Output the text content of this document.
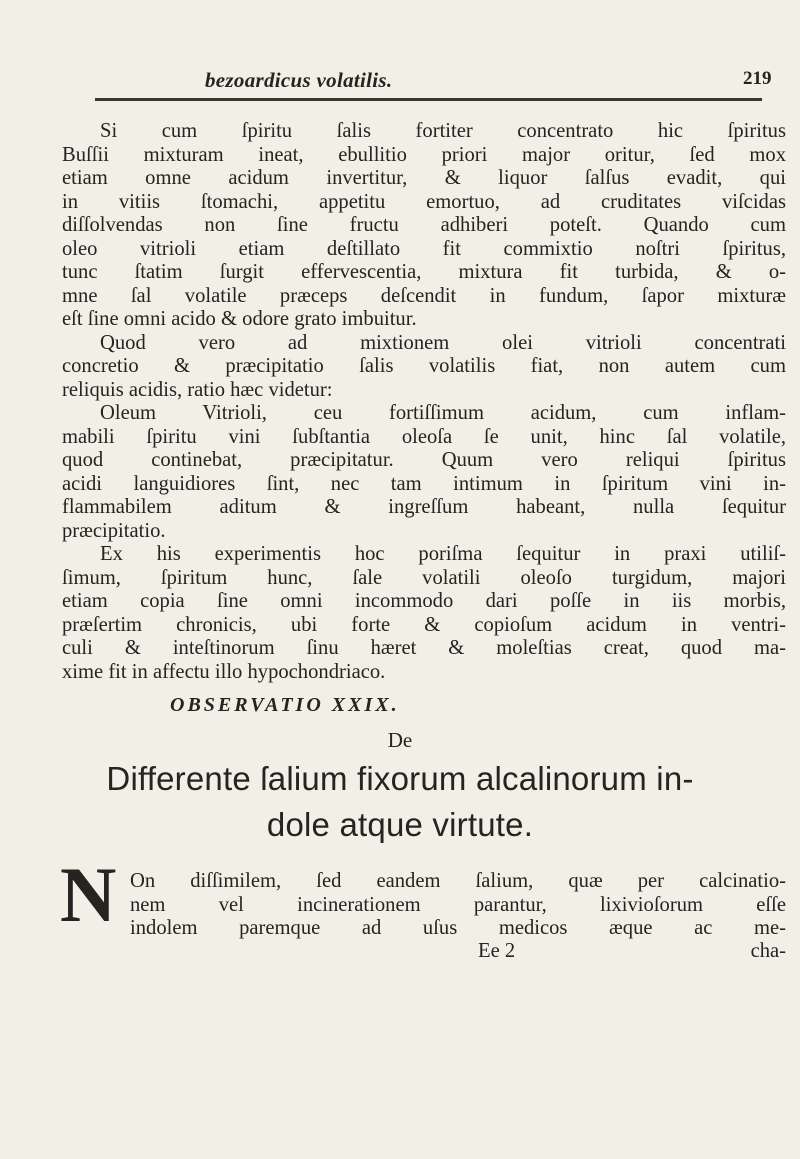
bezoardicus volatilis.	219
Si cum ſpiritu ſalis fortiter concentrato hic ſpiritus
Buſſii mixturam ineat, ebullitio priori major oritur, ſed mox
etiam omne acidum invertitur, & liquor ſalſus evadit, qui
in vitiis ſtomachi, appetitu emortuo, ad cruditates viſcidas
diſſolvendas non ſine fructu adhiberi poteſt. Quando cum
oleo vitrioli etiam deſtillato fit commixtio noſtri ſpiritus,
tunc ſtatim ſurgit effervescentia, mixtura fit turbida, & o-
mne ſal volatile præceps deſcendit in fundum, ſapor mixturæ
eſt ſine omni acido & odore grato imbuitur.
Quod vero ad mixtionem olei vitrioli concentrati
concretio & præcipitatio ſalis volatilis fiat, non autem cum
reliquis acidis, ratio hæc videtur:
Oleum Vitrioli, ceu fortiſſimum acidum, cum inflam-
mabili ſpiritu vini ſubſtantia oleoſa ſe unit, hinc ſal volatile,
quod continebat, præcipitatur. Quum vero reliqui ſpiritus
acidi languidiores ſint, nec tam intimum in ſpiritum vini in-
flammabilem aditum & ingreſſum habeant, nulla ſequitur
præcipitatio.
Ex his experimentis hoc poriſma ſequitur in praxi utiliſ-
ſimum, ſpiritum hunc, ſale volatili oleoſo turgidum, majori
etiam copia ſine omni incommodo dari poſſe in iis morbis,
præſertim chronicis, ubi forte & copioſum acidum in ventri-
culi & inteſtinorum ſinu hæret & moleſtias creat, quod ma-
xime fit in affectu illo hypochondriaco.
OBSERVATIO XXIX.
De
Differente ſalium fixorum alcalinorum in-
dole atque virtute.
N On diſſimilem, ſed eandem ſalium, quæ per calcinatio-
nem vel incinerationem parantur, lixivioſorum eſſe
indolem paremque ad uſus medicos æque ac me-
Ee 2	cha-
